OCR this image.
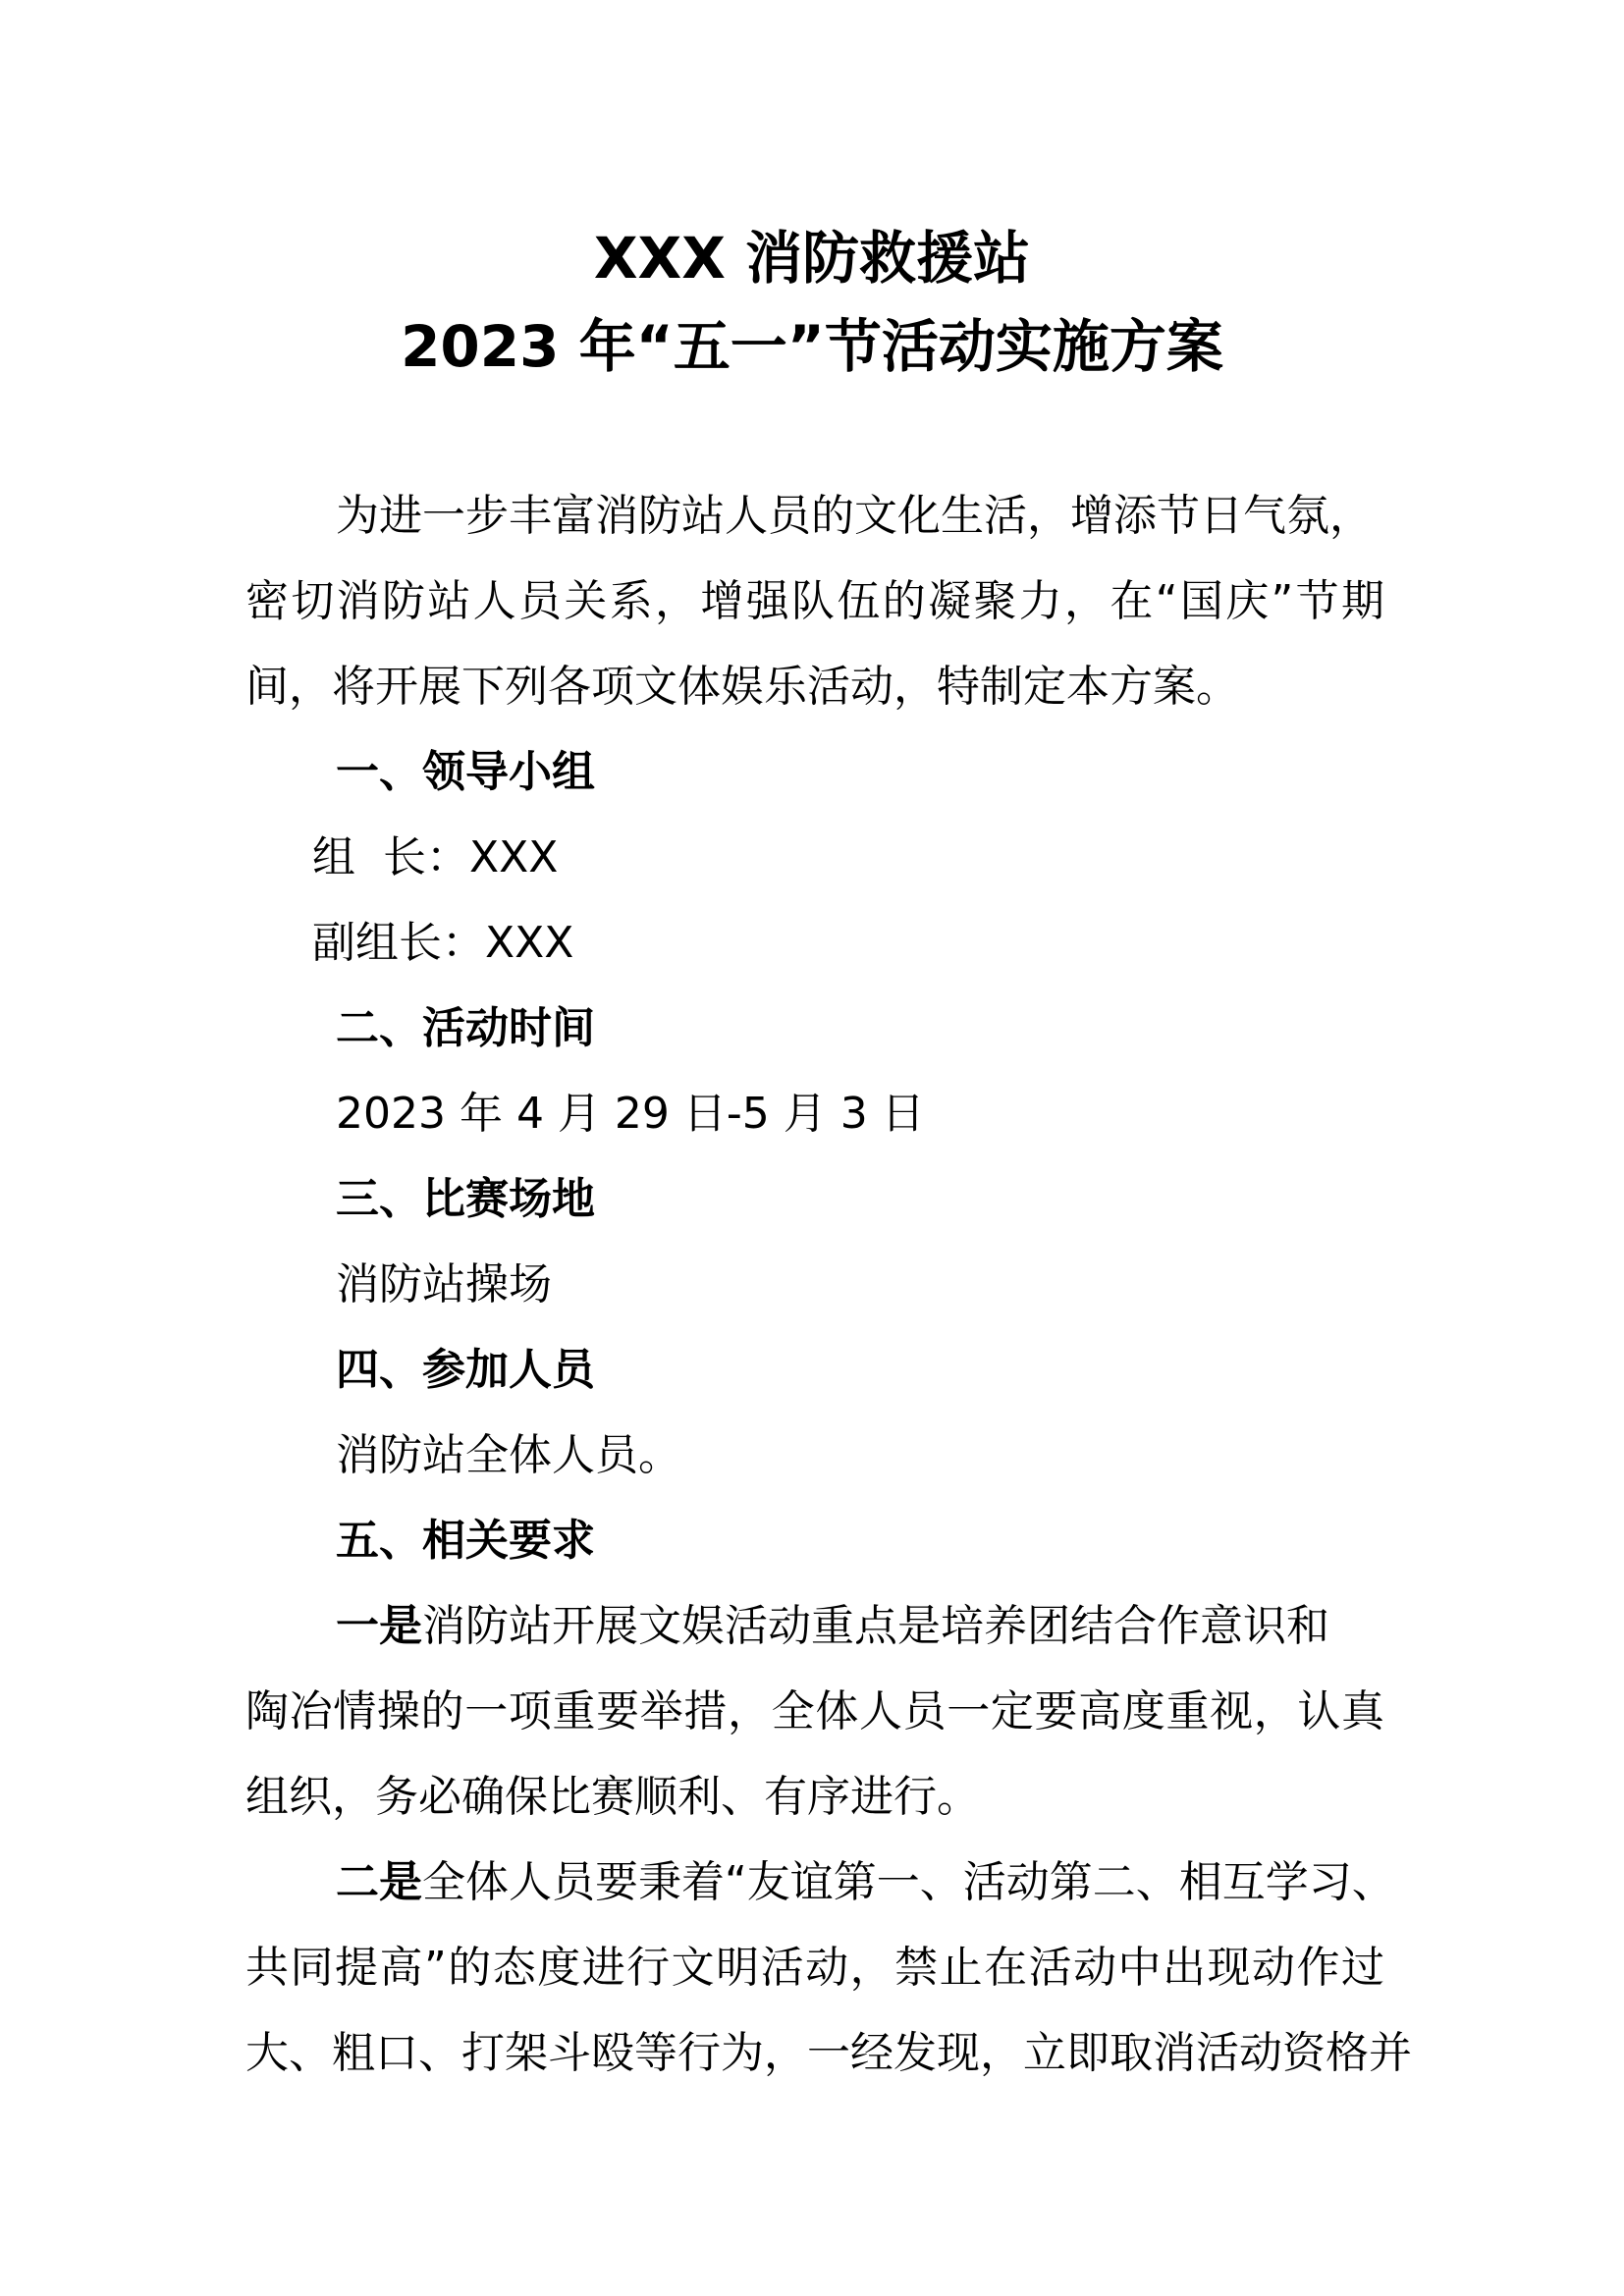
XXX 消防救援站
2023 年“五一”节活动实施方案
为进一步丰富消防站人员的文化生活，增添节日气氛，
密切消防站人员关系，增强队伍的凝聚力，在“国庆”节期
间，将开展下列各项文体娱乐活动，特制定本方案。
一、领导小组
组  长：XXX
副组长：XXX
二、活动时间
2023 年 4 月 29 日-5 月 3 日
三、比赛场地
消防站操场
四、参加人员
消防站全体人员。
五、相关要求
一是消防站开展文娱活动重点是培养团结合作意识和
陶冶情操的一项重要举措，全体人员一定要高度重视，认真
组织，务必确保比赛顺利、有序进行。
二是全体人员要秉着“友谊第一、活动第二、相互学习、
共同提高”的态度进行文明活动，禁止在活动中出现动作过
大、粗口、打架斗殴等行为，一经发现，立即取消活动资格并
